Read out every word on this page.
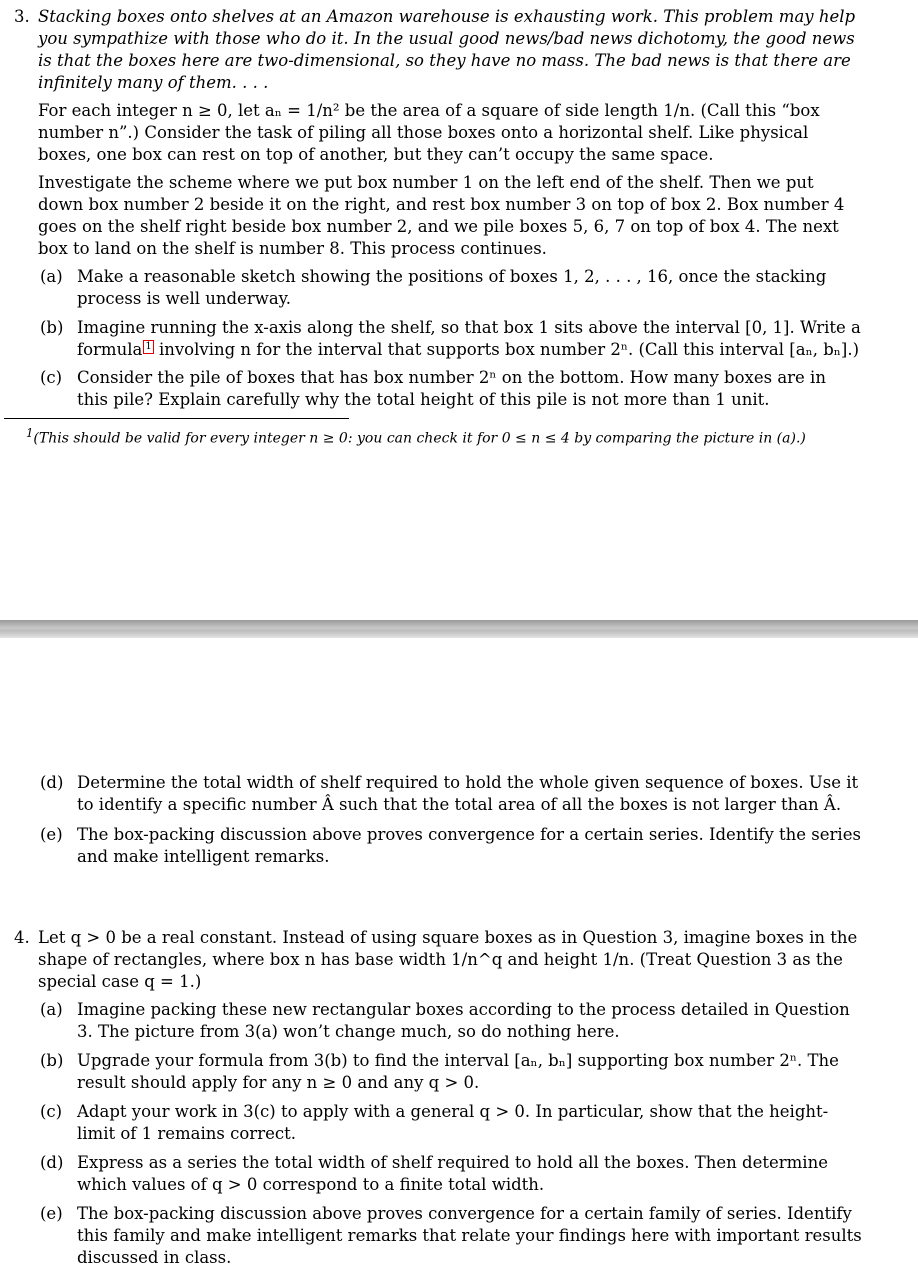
3. Stacking boxes onto shelves at an Amazon warehouse is exhausting work. This problem may help you sympathize with those who do it. In the usual good news/bad news dichotomy, the good news is that the boxes here are two-dimensional, so they have no mass. The bad news is that there are infinitely many of them. . . .

For each integer n ≥ 0, let aₙ = 1/n² be the area of a square of side length 1/n. (Call this “box number n”.) Consider the task of piling all those boxes onto a horizontal shelf. Like physical boxes, one box can rest on top of another, but they can’t occupy the same space.

Investigate the scheme where we put box number 1 on the left end of the shelf. Then we put down box number 2 beside it on the right, and rest box number 3 on top of box 2. Box number 4 goes on the shelf right beside box number 2, and we pile boxes 5, 6, 7 on top of box 4. The next box to land on the shelf is number 8. This process continues.

(a) Make a reasonable sketch showing the positions of boxes 1, 2, . . . , 16, once the stacking process is well underway.

(b) Imagine running the x-axis along the shelf, so that box 1 sits above the interval [0, 1]. Write a formula 1 involving n for the interval that supports box number 2ⁿ. (Call this interval [aₙ, bₙ].)

(c) Consider the pile of boxes that has box number 2ⁿ on the bottom. How many boxes are in this pile? Explain carefully why the total height of this pile is not more than 1 unit.

$^1$(This should be valid for every integer n ≥ 0: you can check it for 0 ≤ n ≤ 4 by comparing the picture in (a).)

(d) Determine the total width of shelf required to hold the whole given sequence of boxes. Use it to identify a specific number Â such that the total area of all the boxes is not larger than Â.

(e) The box-packing discussion above proves convergence for a certain series. Identify the series and make intelligent remarks.

4. Let q > 0 be a real constant. Instead of using square boxes as in Question 3, imagine boxes in the shape of rectangles, where box n has base width 1/n^q and height 1/n. (Treat Question 3 as the special case q = 1.)

(a) Imagine packing these new rectangular boxes according to the process detailed in Question 3. The picture from 3(a) won’t change much, so do nothing here.

(b) Upgrade your formula from 3(b) to find the interval [aₙ, bₙ] supporting box number 2ⁿ. The result should apply for any n ≥ 0 and any q > 0.

(c) Adapt your work in 3(c) to apply with a general q > 0. In particular, show that the height-limit of 1 remains correct.

(d) Express as a series the total width of shelf required to hold all the boxes. Then determine which values of q > 0 correspond to a finite total width.

(e) The box-packing discussion above proves convergence for a certain family of series. Identify this family and make intelligent remarks that relate your findings here with important results discussed in class.
